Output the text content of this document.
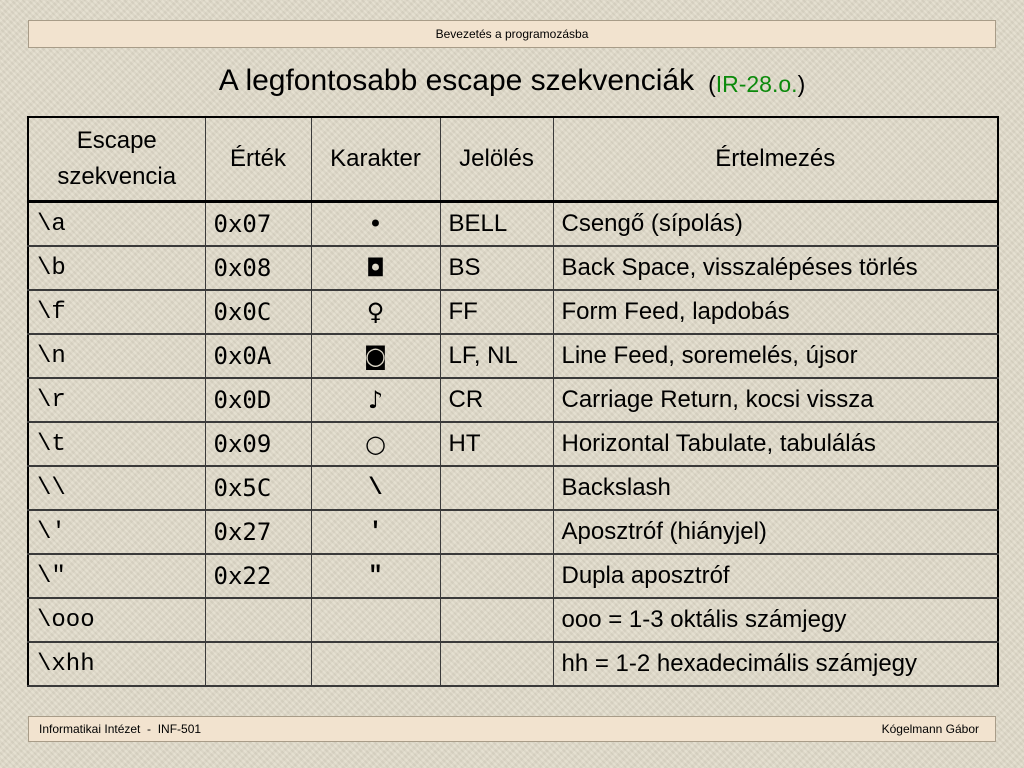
Bevezetés a programozásba
A legfontosabb escape szekvenciák (IR-28.o.)
Escape
szekvencia	Érték	Karakter	Jelölés	Értelmezés
\a	0x07	•	BELL	Csengő (sípolás)
\b	0x08	◘	BS	Back Space, visszalépéses törlés
\f	0x0C	♀	FF	Form Feed, lapdobás
\n	0x0A	◙	LF, NL	Line Feed, soremelés, újsor
\r	0x0D	♪	CR	Carriage Return, kocsi vissza
\t	0x09	○	HT	Horizontal Tabulate, tabulálás
\\	0x5C	\		Backslash
\'	0x27	'		Aposztróf (hiányjel)
\"	0x22	"		Dupla aposztróf
\ooo				ooo = 1-3 oktális számjegy
\xhh				hh = 1-2 hexadecimális számjegy
Informatikai Intézet  -  INF-501	Kógelmann Gábor
